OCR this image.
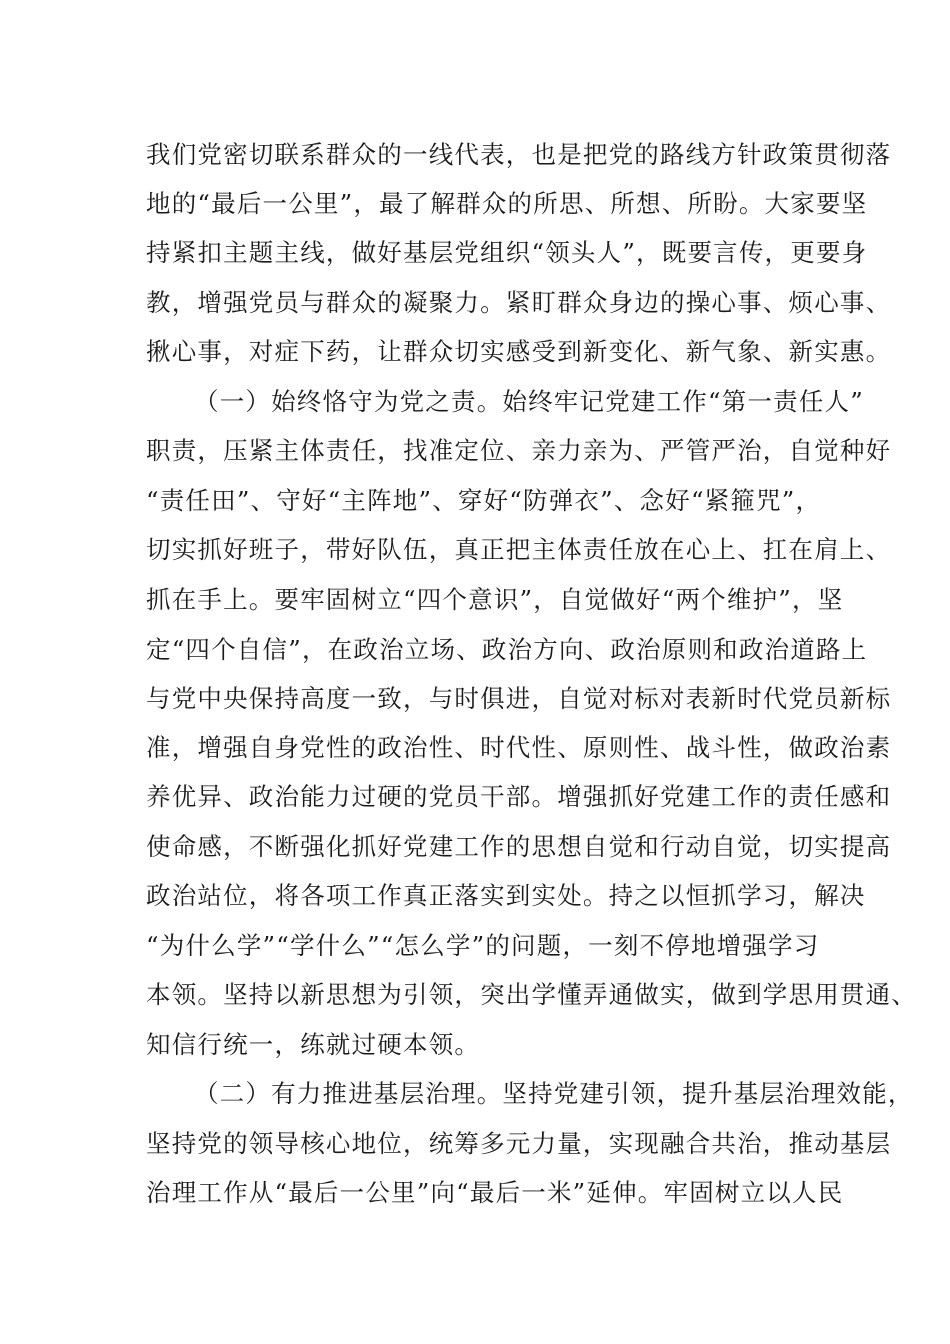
我们党密切联系群众的一线代表，也是把党的路线方针政策贯彻落
地的“最后一公里”，最了解群众的所思、所想、所盼。大家要坚
持紧扣主题主线，做好基层党组织“领头人”，既要言传，更要身
教，增强党员与群众的凝聚力。紧盯群众身边的操心事、烦心事、
揪心事，对症下药，让群众切实感受到新变化、新气象、新实惠。
（一）始终恪守为党之责。始终牢记党建工作“第一责任人”
职责，压紧主体责任，找准定位、亲力亲为、严管严治，自觉种好
“责任田”、守好“主阵地”、穿好“防弹衣”、念好“紧箍咒”，
切实抓好班子，带好队伍，真正把主体责任放在心上、扛在肩上、
抓在手上。要牢固树立“四个意识”，自觉做好“两个维护”，坚
定“四个自信”，在政治立场、政治方向、政治原则和政治道路上
与党中央保持高度一致，与时俱进，自觉对标对表新时代党员新标
准，增强自身党性的政治性、时代性、原则性、战斗性，做政治素
养优异、政治能力过硬的党员干部。增强抓好党建工作的责任感和
使命感，不断强化抓好党建工作的思想自觉和行动自觉，切实提高
政治站位，将各项工作真正落实到实处。持之以恒抓学习，解决
“为什么学”“学什么”“怎么学”的问题，一刻不停地增强学习
本领。坚持以新思想为引领，突出学懂弄通做实，做到学思用贯通、
知信行统一，练就过硬本领。
（二）有力推进基层治理。坚持党建引领，提升基层治理效能，
坚持党的领导核心地位，统筹多元力量，实现融合共治，推动基层
治理工作从“最后一公里”向“最后一米”延伸。牢固树立以人民
